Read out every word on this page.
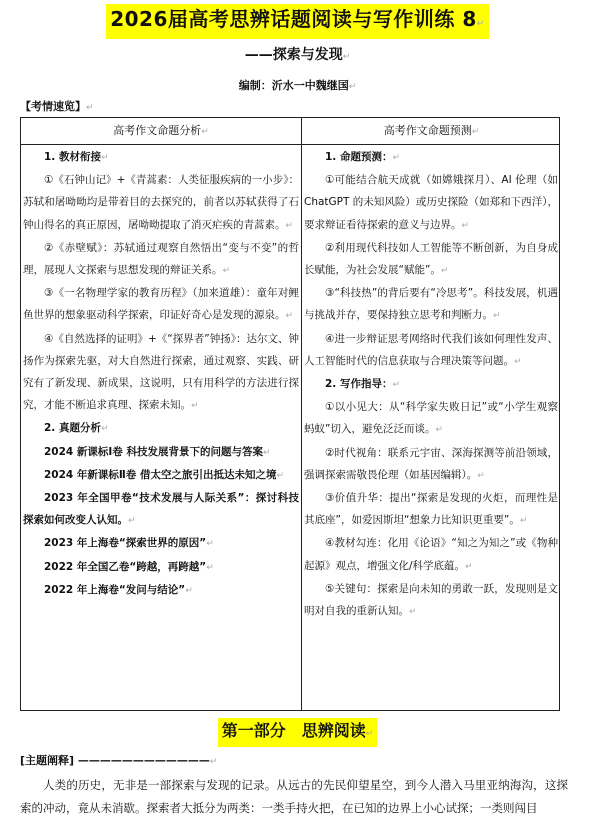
2026届高考思辨话题阅读与写作训练 8↵
——探索与发现↵
编制：沂水一中魏继国↵
【考情速览】↵
高考作文命题分析↵	高考作文命题预测↵

1. 教材衔接↵

①《石钟山记》+《青蒿素：人类征服疾病的一小步》：苏轼和屠呦呦均是带着目的去探究的，前者以苏轼获得了石钟山得名的真正原因，屠呦呦提取了消灭疟疾的青蒿素。↵

②《赤壁赋》：苏轼通过观察自然悟出“变与不变”的哲理，展现人文探索与思想发现的辩证关系。↵

③《一名物理学家的教育历程》（加来道雄）：童年对鲤鱼世界的想象驱动科学探索，印证好奇心是发现的源泉。↵

④《自然选择的证明》+《“探界者”钟扬》：达尔文、钟扬作为探索先驱，对大自然进行探索，通过观察、实践、研究有了新发现、新成果，这说明，只有用科学的方法进行探究，才能不断追求真理、探索未知。↵

2. 真题分析↵

2024 新课标Ⅰ卷 科技发展背景下的问题与答案↵

2024 年新课标Ⅱ卷 借太空之旅引出抵达未知之境↵

2023 年全国甲卷“技术发展与人际关系”：探讨科技探索如何改变人认知。↵

2023 年上海卷“探索世界的原因”↵

2022 年全国乙卷“跨越，再跨越”↵

2022 年上海卷“发问与结论”↵

1. 命题预测：↵

①可能结合航天成就（如嫦娥探月）、AI 伦理（如 ChatGPT 的未知风险）或历史探险（如郑和下西洋），要求辩证看待探索的意义与边界。↵

②利用现代科技如人工智能等不断创新，为自身成长赋能，为社会发展“赋能”。↵

③“科技热”的背后要有“冷思考”。科技发展，机遇与挑战并存，要保持独立思考和判断力。↵

④进一步辩证思考网络时代我们该如何理性发声、人工智能时代的信息获取与合理决策等问题。↵

2. 写作指导：↵

①以小见大：从“科学家失败日记”或“小学生观察蚂蚁”切入，避免泛泛而谈。↵

②时代视角：联系元宇宙、深海探测等前沿领域，强调探索需敬畏伦理（如基因编辑）。↵

③价值升华：提出“探索是发现的火炬，而理性是其底座”，如爱因斯坦“想象力比知识更重要”。↵

④教材勾连：化用《论语》“知之为知之”或《物种起源》观点，增强文化/科学底蕴。↵

⑤关键句：探索是向未知的勇敢一跃，发现则是文明对自我的重新认知。↵

第一部分　思辨阅读↵
[主题阐释] ————————————↵

人类的历史，无非是一部探索与发现的记录。从远古的先民仰望星空，到今人潜入马里亚纳海沟，这探索的冲动，竟从未消歇。探索者大抵分为两类：一类手持火把，在已知的边界上小心试探；一类则闯目
